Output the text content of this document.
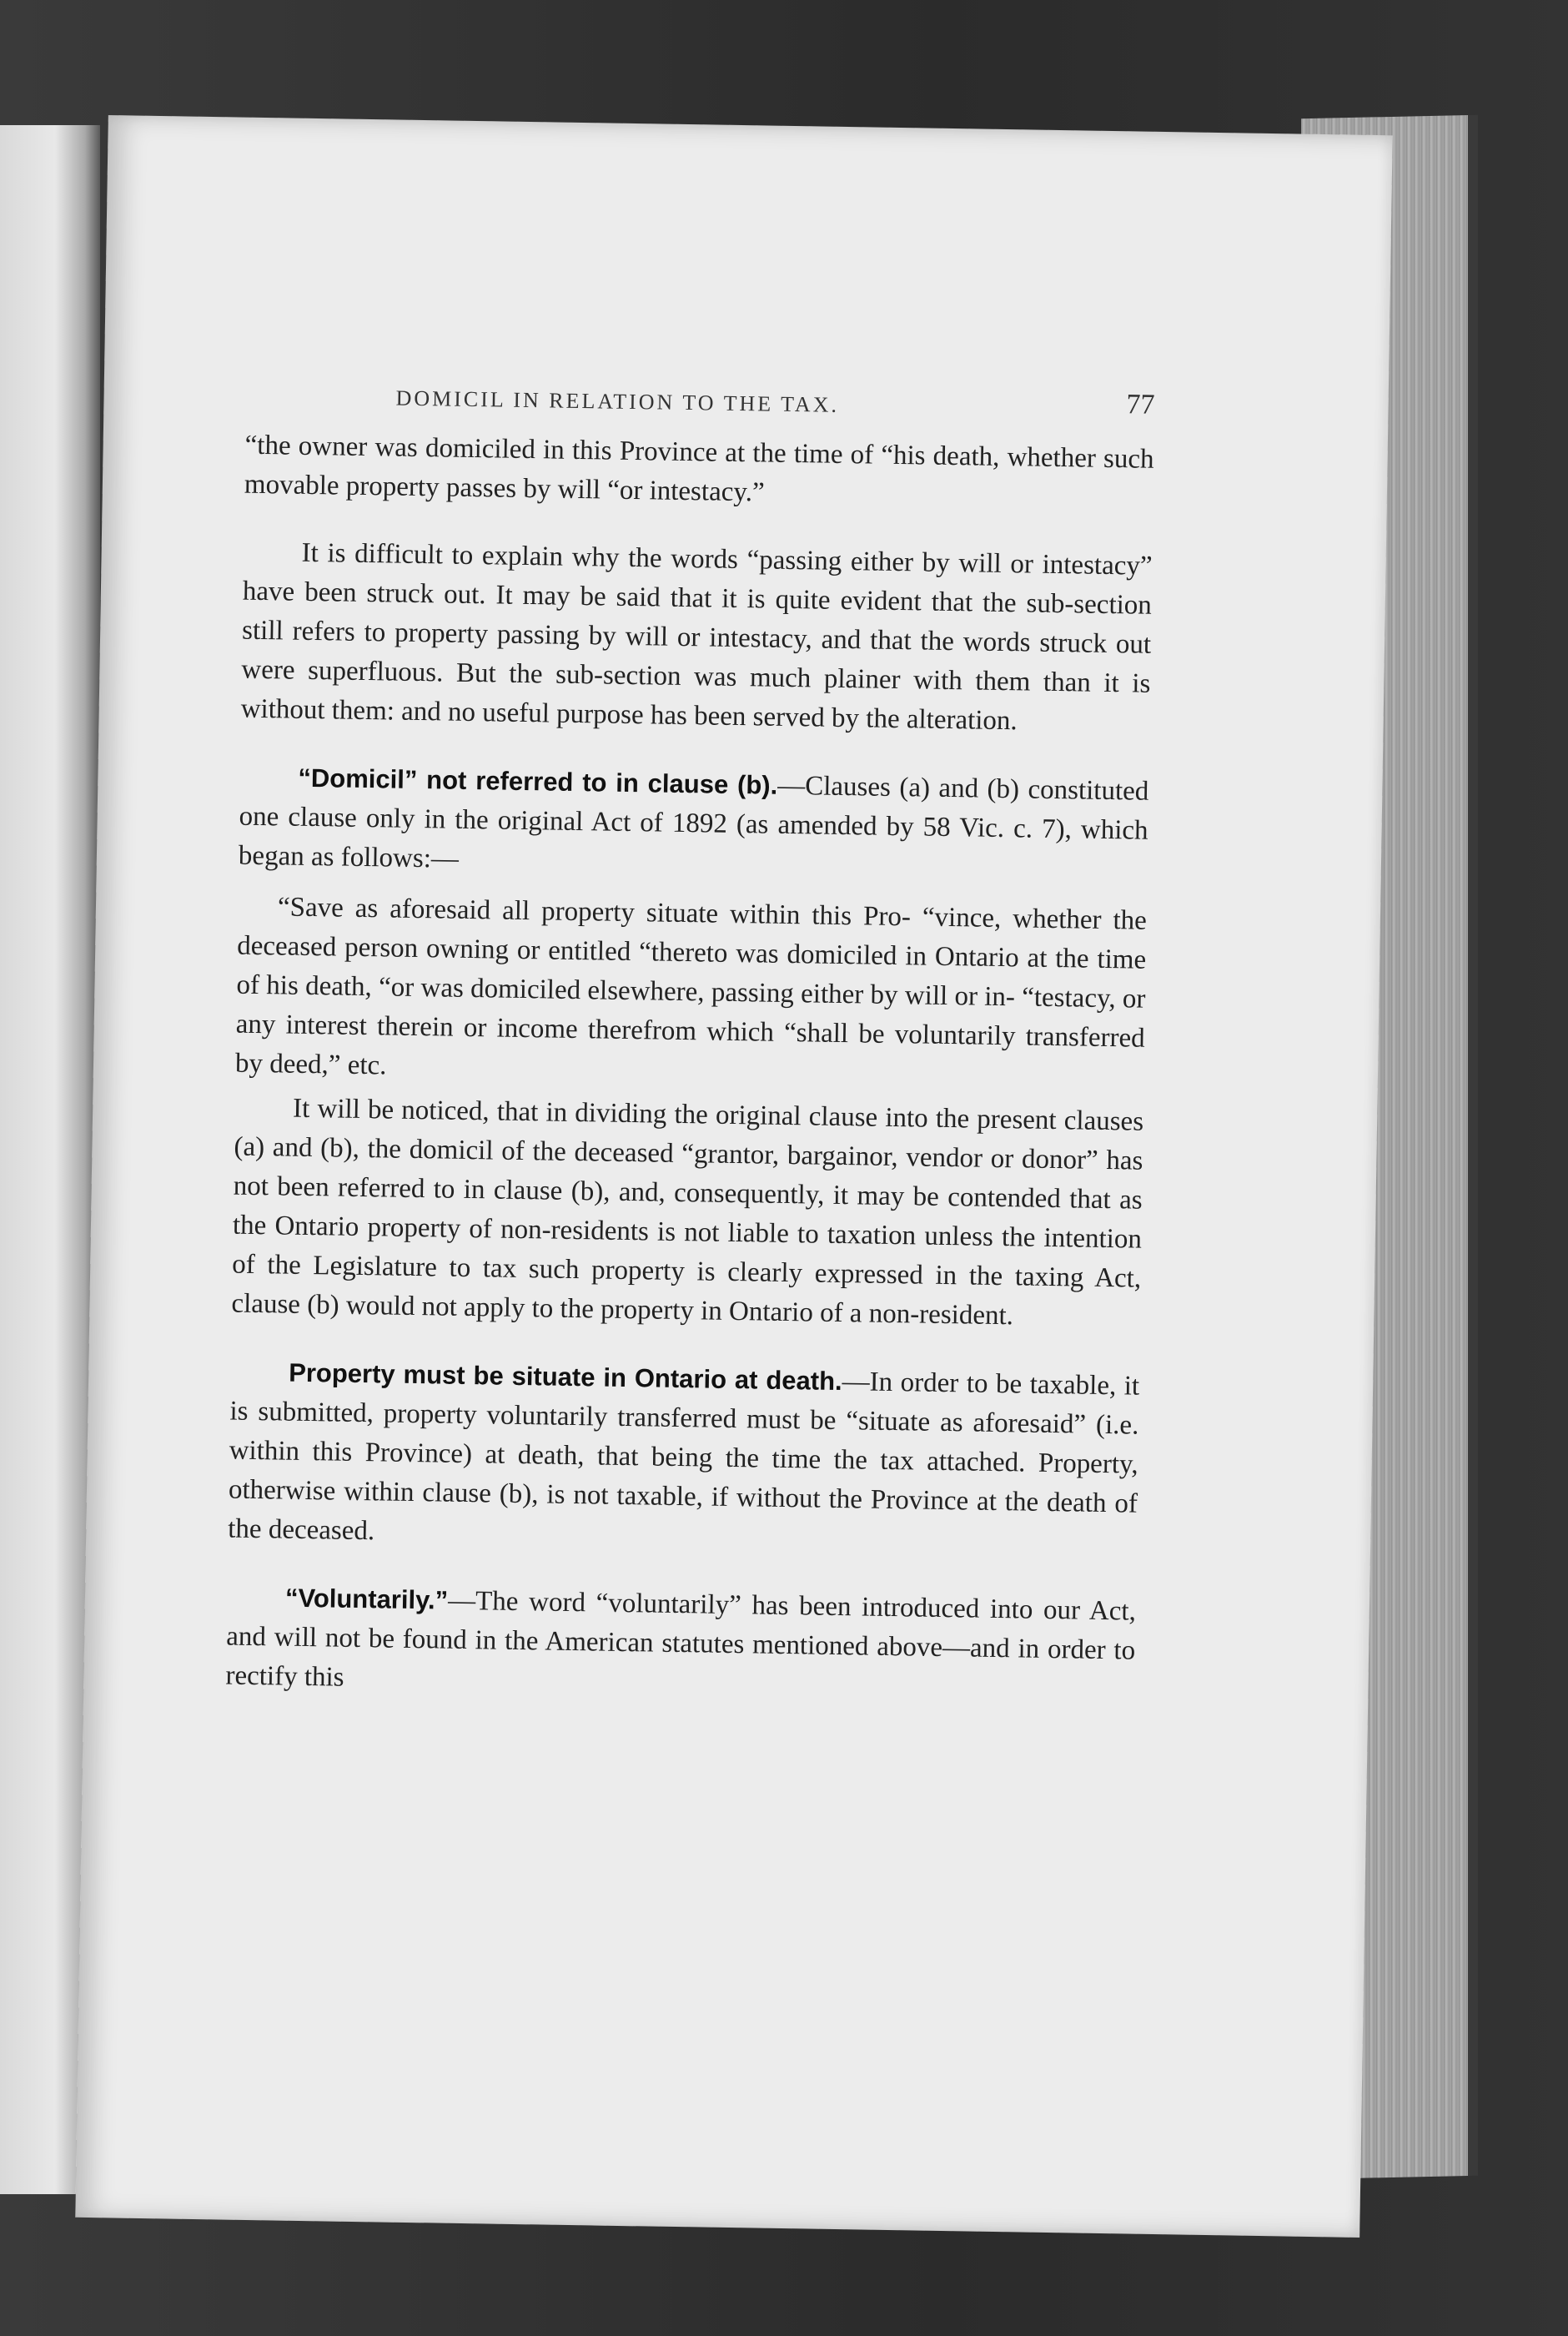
DOMICIL IN RELATION TO THE TAX.	77

“the owner was domiciled in this Province at the time of “his death, whether such movable property passes by will “or intestacy.”

It is difficult to explain why the words “passing either by will or intestacy” have been struck out. It may be said that it is quite evident that the sub-section still refers to property passing by will or intestacy, and that the words struck out were superfluous. But the sub-section was much plainer with them than it is without them: and no useful purpose has been served by the alteration.

“Domicil” not referred to in clause (b).—Clauses (a) and (b) constituted one clause only in the original Act of 1892 (as amended by 58 Vic. c. 7), which began as follows:—

“Save as aforesaid all property situate within this Pro- “vince, whether the deceased person owning or entitled “thereto was domiciled in Ontario at the time of his death, “or was domiciled elsewhere, passing either by will or in- “testacy, or any interest therein or income therefrom which “shall be voluntarily transferred by deed,” etc.

It will be noticed, that in dividing the original clause into the present clauses (a) and (b), the domicil of the deceased “grantor, bargainor, vendor or donor” has not been referred to in clause (b), and, consequently, it may be contended that as the Ontario property of non-residents is not liable to taxation unless the intention of the Legislature to tax such property is clearly expressed in the taxing Act, clause (b) would not apply to the property in Ontario of a non-resident.

Property must be situate in Ontario at death.—In order to be taxable, it is submitted, property voluntarily transferred must be “situate as aforesaid” (i.e. within this Province) at death, that being the time the tax attached. Property, otherwise within clause (b), is not taxable, if without the Province at the death of the deceased.

“Voluntarily.”—The word “voluntarily” has been introduced into our Act, and will not be found in the American statutes mentioned above—and in order to rectify this
